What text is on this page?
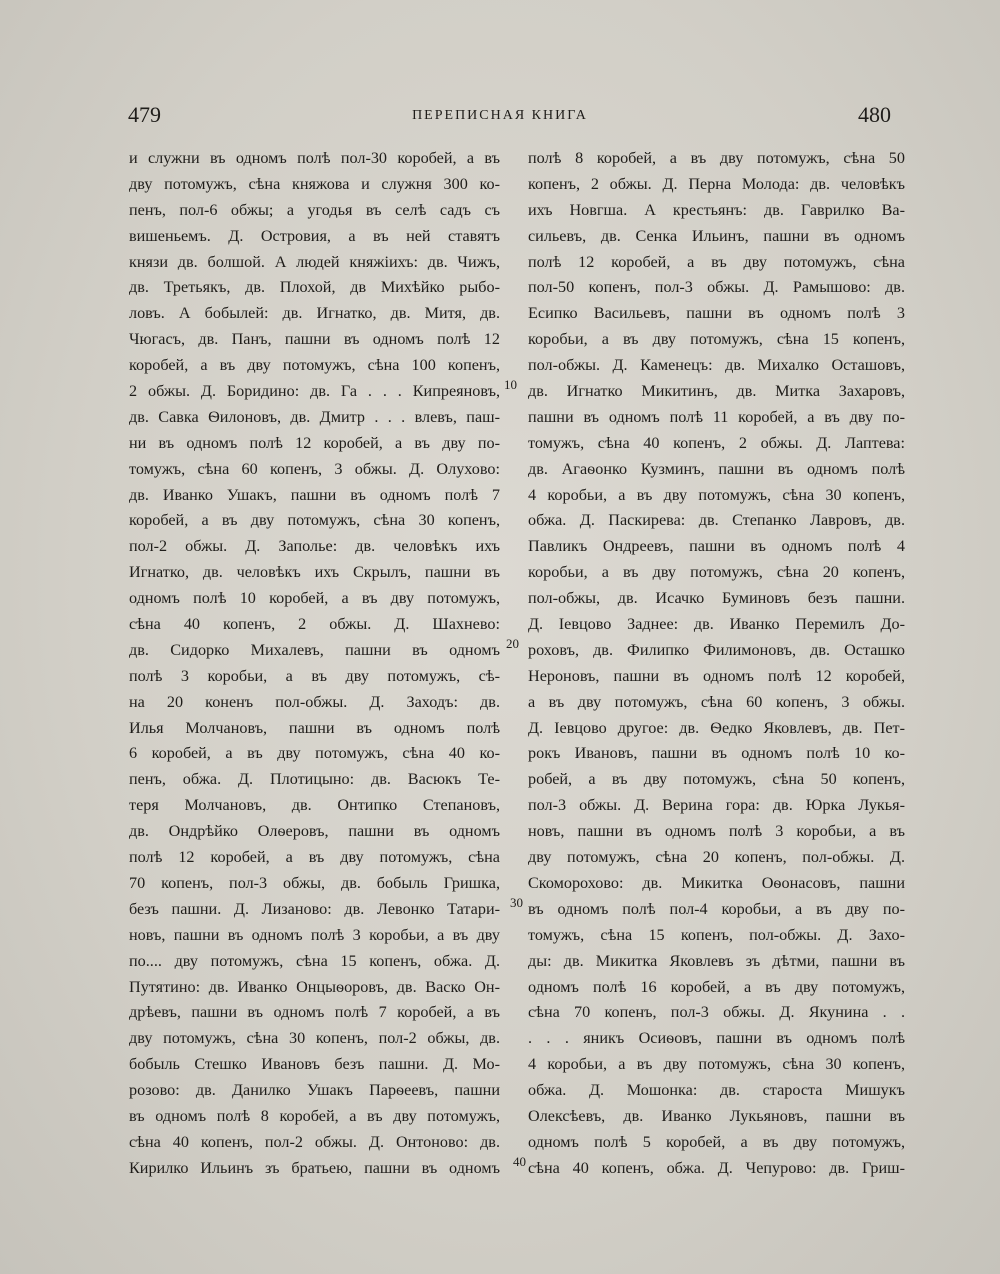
479	ПЕРЕПИСНАЯ КНИГА	480
и служни въ одномъ полѣ пол-30 коробей, а въ
дву потомужъ, сѣна княжова и служня 300 ко-
пенъ, пол-6 обжы; а угодья въ селѣ садъ съ
вишеньемъ. Д. Островия, а въ ней ставятъ
князи дв. болшой. А людей княжіихъ: дв. Чижъ,
дв. Третьякъ, дв. Плохой, дв Михѣйко рыбо-
ловъ. А бобылей: дв. Игнатко, дв. Митя, дв.
Чюгасъ, дв. Панъ, пашни въ одномъ полѣ 12
коробей, а въ дву потомужъ, сѣна 100 копенъ,
2 обжы. Д. Боридино: дв. Га . . . Кипреяновъ,
дв. Савка Ѳилоновъ, дв. Дмитр . . . влевъ, паш-
ни въ одномъ полѣ 12 коробей, а въ дву по-
томужъ, сѣна 60 копенъ, 3 обжы. Д. Олухово:
дв. Иванко Ушакъ, пашни въ одномъ полѣ 7
коробей, а въ дву потомужъ, сѣна 30 копенъ,
пол-2 обжы. Д. Заполье: дв. человѣкъ ихъ
Игнатко, дв. человѣкъ ихъ Скрылъ, пашни въ
одномъ полѣ 10 коробей, а въ дву потомужъ,
сѣна 40 копенъ, 2 обжы. Д. Шахнево:
дв. Сидорко Михалевъ, пашни въ одномъ
полѣ 3 коробьи, а въ дву потомужъ, сѣ-
на 20 коненъ пол-обжы. Д. Заходъ: дв.
Илья Молчановъ, пашни въ одномъ полѣ
6 коробей, а въ дву потомужъ, сѣна 40 ко-
пенъ, обжа. Д. Плотицыно: дв. Васюкъ Те-
теря Молчановъ, дв. Онтипко Степановъ,
дв. Ондрѣйко Олѳеровъ, пашни въ одномъ
полѣ 12 коробей, а въ дву потомужъ, сѣна
70 копенъ, пол-3 обжы, дв. бобыль Гришка,
безъ пашни. Д. Лизаново: дв. Левонко Татари-
новъ, пашни въ одномъ полѣ 3 коробьи, а въ дву
по.... дву потомужъ, сѣна 15 копенъ, обжа. Д.
Путятино: дв. Иванко Онцыѳоровъ, дв. Васко Он-
дрѣевъ, пашни въ одномъ полѣ 7 коробей, а въ
дву потомужъ, сѣна 30 копенъ, пол-2 обжы, дв.
бобыль Стешко Ивановъ безъ пашни. Д. Мо-
розово: дв. Данилко Ушакъ Парѳеевъ, пашни
въ одномъ полѣ 8 коробей, а въ дву потомужъ,
сѣна 40 копенъ, пол-2 обжы. Д. Онтоново: дв.
Кирилко Ильинъ зъ братьею, пашни въ одномъ
полѣ 8 коробей, а въ дву потомужъ, сѣна 50
копенъ, 2 обжы. Д. Перна Молода: дв. человѣкъ
ихъ Новгша. А крестьянъ: дв. Гаврилко Ва-
сильевъ, дв. Сенка Ильинъ, пашни въ одномъ
полѣ 12 коробей, а въ дву потомужъ, сѣна
пол-50 копенъ, пол-3 обжы. Д. Рамышово: дв.
Есипко Васильевъ, пашни въ одномъ полѣ 3
коробьи, а въ дву потомужъ, сѣна 15 копенъ,
пол-обжы. Д. Каменецъ: дв. Михалко Осташовъ,
дв. Игнатко Микитинъ, дв. Митка Захаровъ,
пашни въ одномъ полѣ 11 коробей, а въ дву по-
томужъ, сѣна 40 копенъ, 2 обжы. Д. Лаптева:
дв. Агаѳонко Кузминъ, пашни въ одномъ полѣ
4 коробьи, а въ дву потомужъ, сѣна 30 копенъ,
обжа. Д. Паскирева: дв. Степанко Лавровъ, дв.
Павликъ Ондреевъ, пашни въ одномъ полѣ 4
коробьи, а въ дву потомужъ, сѣна 20 копенъ,
пол-обжы, дв. Исачко Буминовъ безъ пашни.
Д. Іевцово Заднее: дв. Иванко Перемилъ До-
роховъ, дв. Филипко Филимоновъ, дв. Осташко
Нероновъ, пашни въ одномъ полѣ 12 коробей,
а въ дву потомужъ, сѣна 60 копенъ, 3 обжы.
Д. Іевцово другое: дв. Ѳедко Яковлевъ, дв. Пет-
рокъ Ивановъ, пашни въ одномъ полѣ 10 ко-
робей, а въ дву потомужъ, сѣна 50 копенъ,
пол-3 обжы. Д. Верина гора: дв. Юрка Лукья-
новъ, пашни въ одномъ полѣ 3 коробьи, а въ
дву потомужъ, сѣна 20 копенъ, пол-обжы. Д.
Скоморохово: дв. Микитка Оѳонасовъ, пашни
въ одномъ полѣ пол-4 коробьи, а въ дву по-
томужъ, сѣна 15 копенъ, пол-обжы. Д. Захо-
ды: дв. Микитка Яковлевъ зъ дѣтми, пашни въ
одномъ полѣ 16 коробей, а въ дву потомужъ,
сѣна 70 копенъ, пол-3 обжы. Д. Якунина . .
. . . яникъ Осиѳовъ, пашни въ одномъ полѣ
4 коробьи, а въ дву потомужъ, сѣна 30 копенъ,
обжа. Д. Мошонка: дв. староста Мишукъ
Олексѣевъ, дв. Иванко Лукьяновъ, пашни въ
одномъ полѣ 5 коробей, а въ дву потомужъ,
сѣна 40 копенъ, обжа. Д. Чепурово: дв. Гриш-
10
20
30
40
